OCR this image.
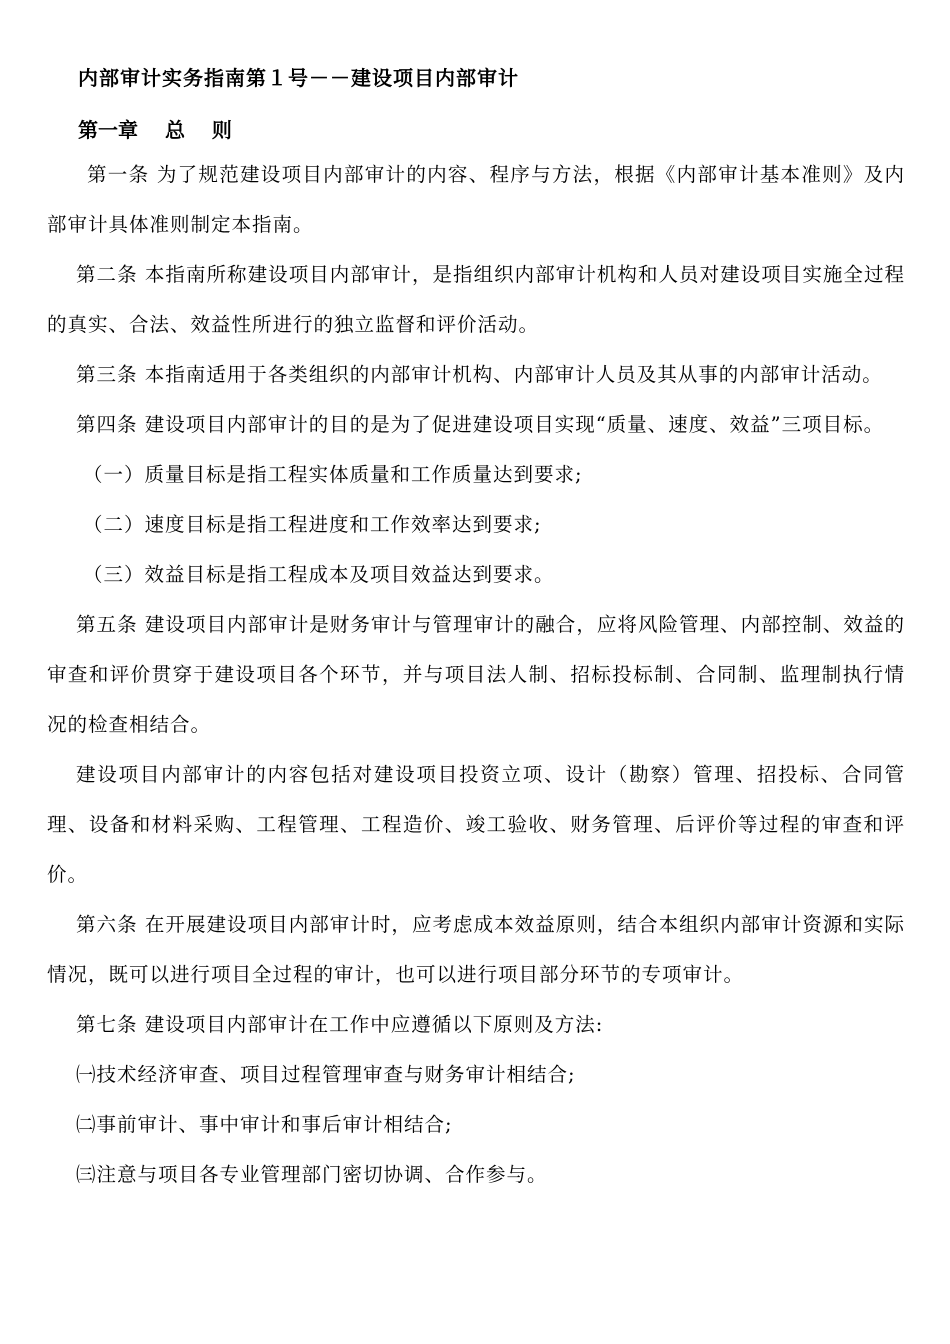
内部审计实务指南第１号－－建设项目内部审计
第一章　 总　 则

第一条 为了规范建设项目内部审计的内容、程序与方法，根据《内部审计基本准则》及内部审计具体准则制定本指南。

第二条 本指南所称建设项目内部审计，是指组织内部审计机构和人员对建设项目实施全过程的真实、合法、效益性所进行的独立监督和评价活动。

第三条 本指南适用于各类组织的内部审计机构、内部审计人员及其从事的内部审计活动。

第四条 建设项目内部审计的目的是为了促进建设项目实现“质量、速度、效益”三项目标。

（一）质量目标是指工程实体质量和工作质量达到要求;

（二）速度目标是指工程进度和工作效率达到要求;

（三）效益目标是指工程成本及项目效益达到要求。

第五条 建设项目内部审计是财务审计与管理审计的融合，应将风险管理、内部控制、效益的审查和评价贯穿于建设项目各个环节，并与项目法人制、招标投标制、合同制、监理制执行情况的检查相结合。

建设项目内部审计的内容包括对建设项目投资立项、设计（勘察）管理、招投标、合同管理、设备和材料采购、工程管理、工程造价、竣工验收、财务管理、后评价等过程的审查和评价。

第六条 在开展建设项目内部审计时，应考虑成本效益原则，结合本组织内部审计资源和实际情况，既可以进行项目全过程的审计，也可以进行项目部分环节的专项审计。

第七条 建设项目内部审计在工作中应遵循以下原则及方法:

㈠技术经济审查、项目过程管理审查与财务审计相结合;

㈡事前审计、事中审计和事后审计相结合;

㈢注意与项目各专业管理部门密切协调、合作参与。
